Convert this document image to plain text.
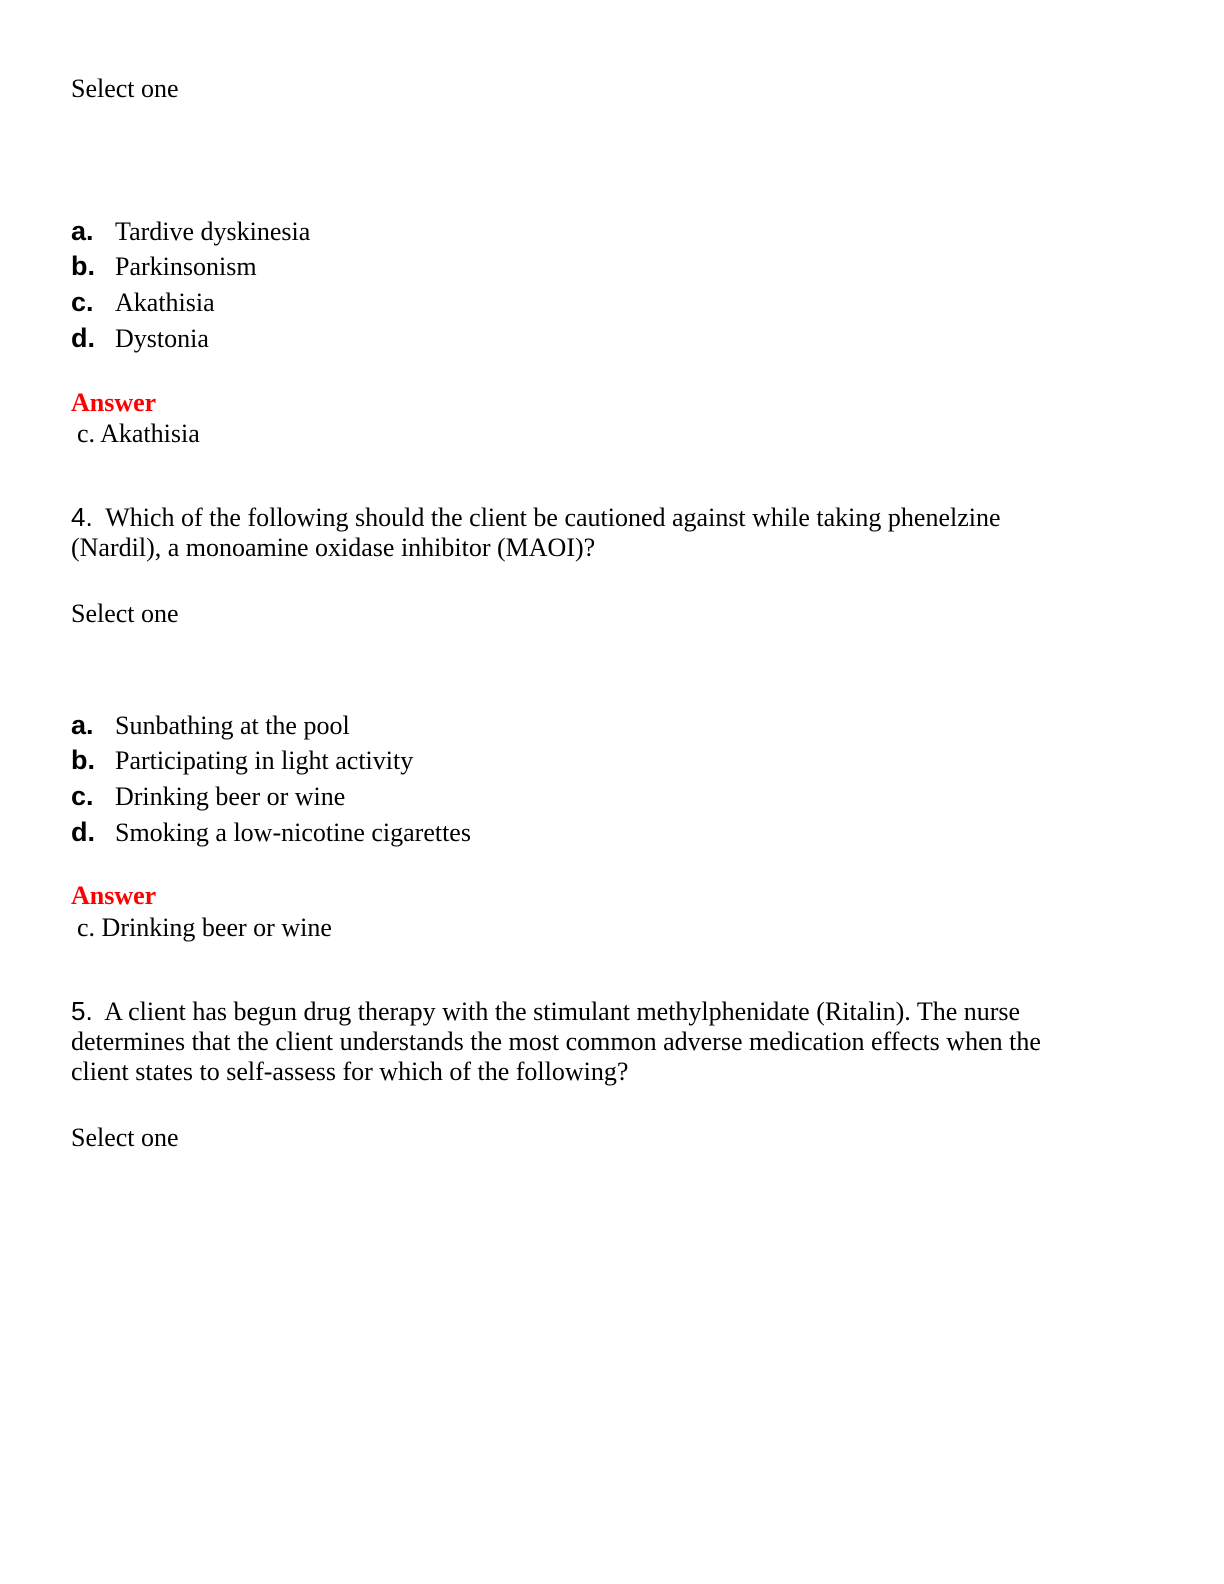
Select one
a. Tardive dyskinesia
b. Parkinsonism
c. Akathisia
d. Dystonia
Answer
c. Akathisia
4. Which of the following should the client be cautioned against while taking phenelzine
(Nardil), a monoamine oxidase inhibitor (MAOI)?
Select one
a. Sunbathing at the pool
b. Participating in light activity
c. Drinking beer or wine
d. Smoking a low-nicotine cigarettes
Answer
c. Drinking beer or wine
5. A client has begun drug therapy with the stimulant methylphenidate (Ritalin). The nurse
determines that the client understands the most common adverse medication effects when the
client states to self-assess for which of the following?
Select one
